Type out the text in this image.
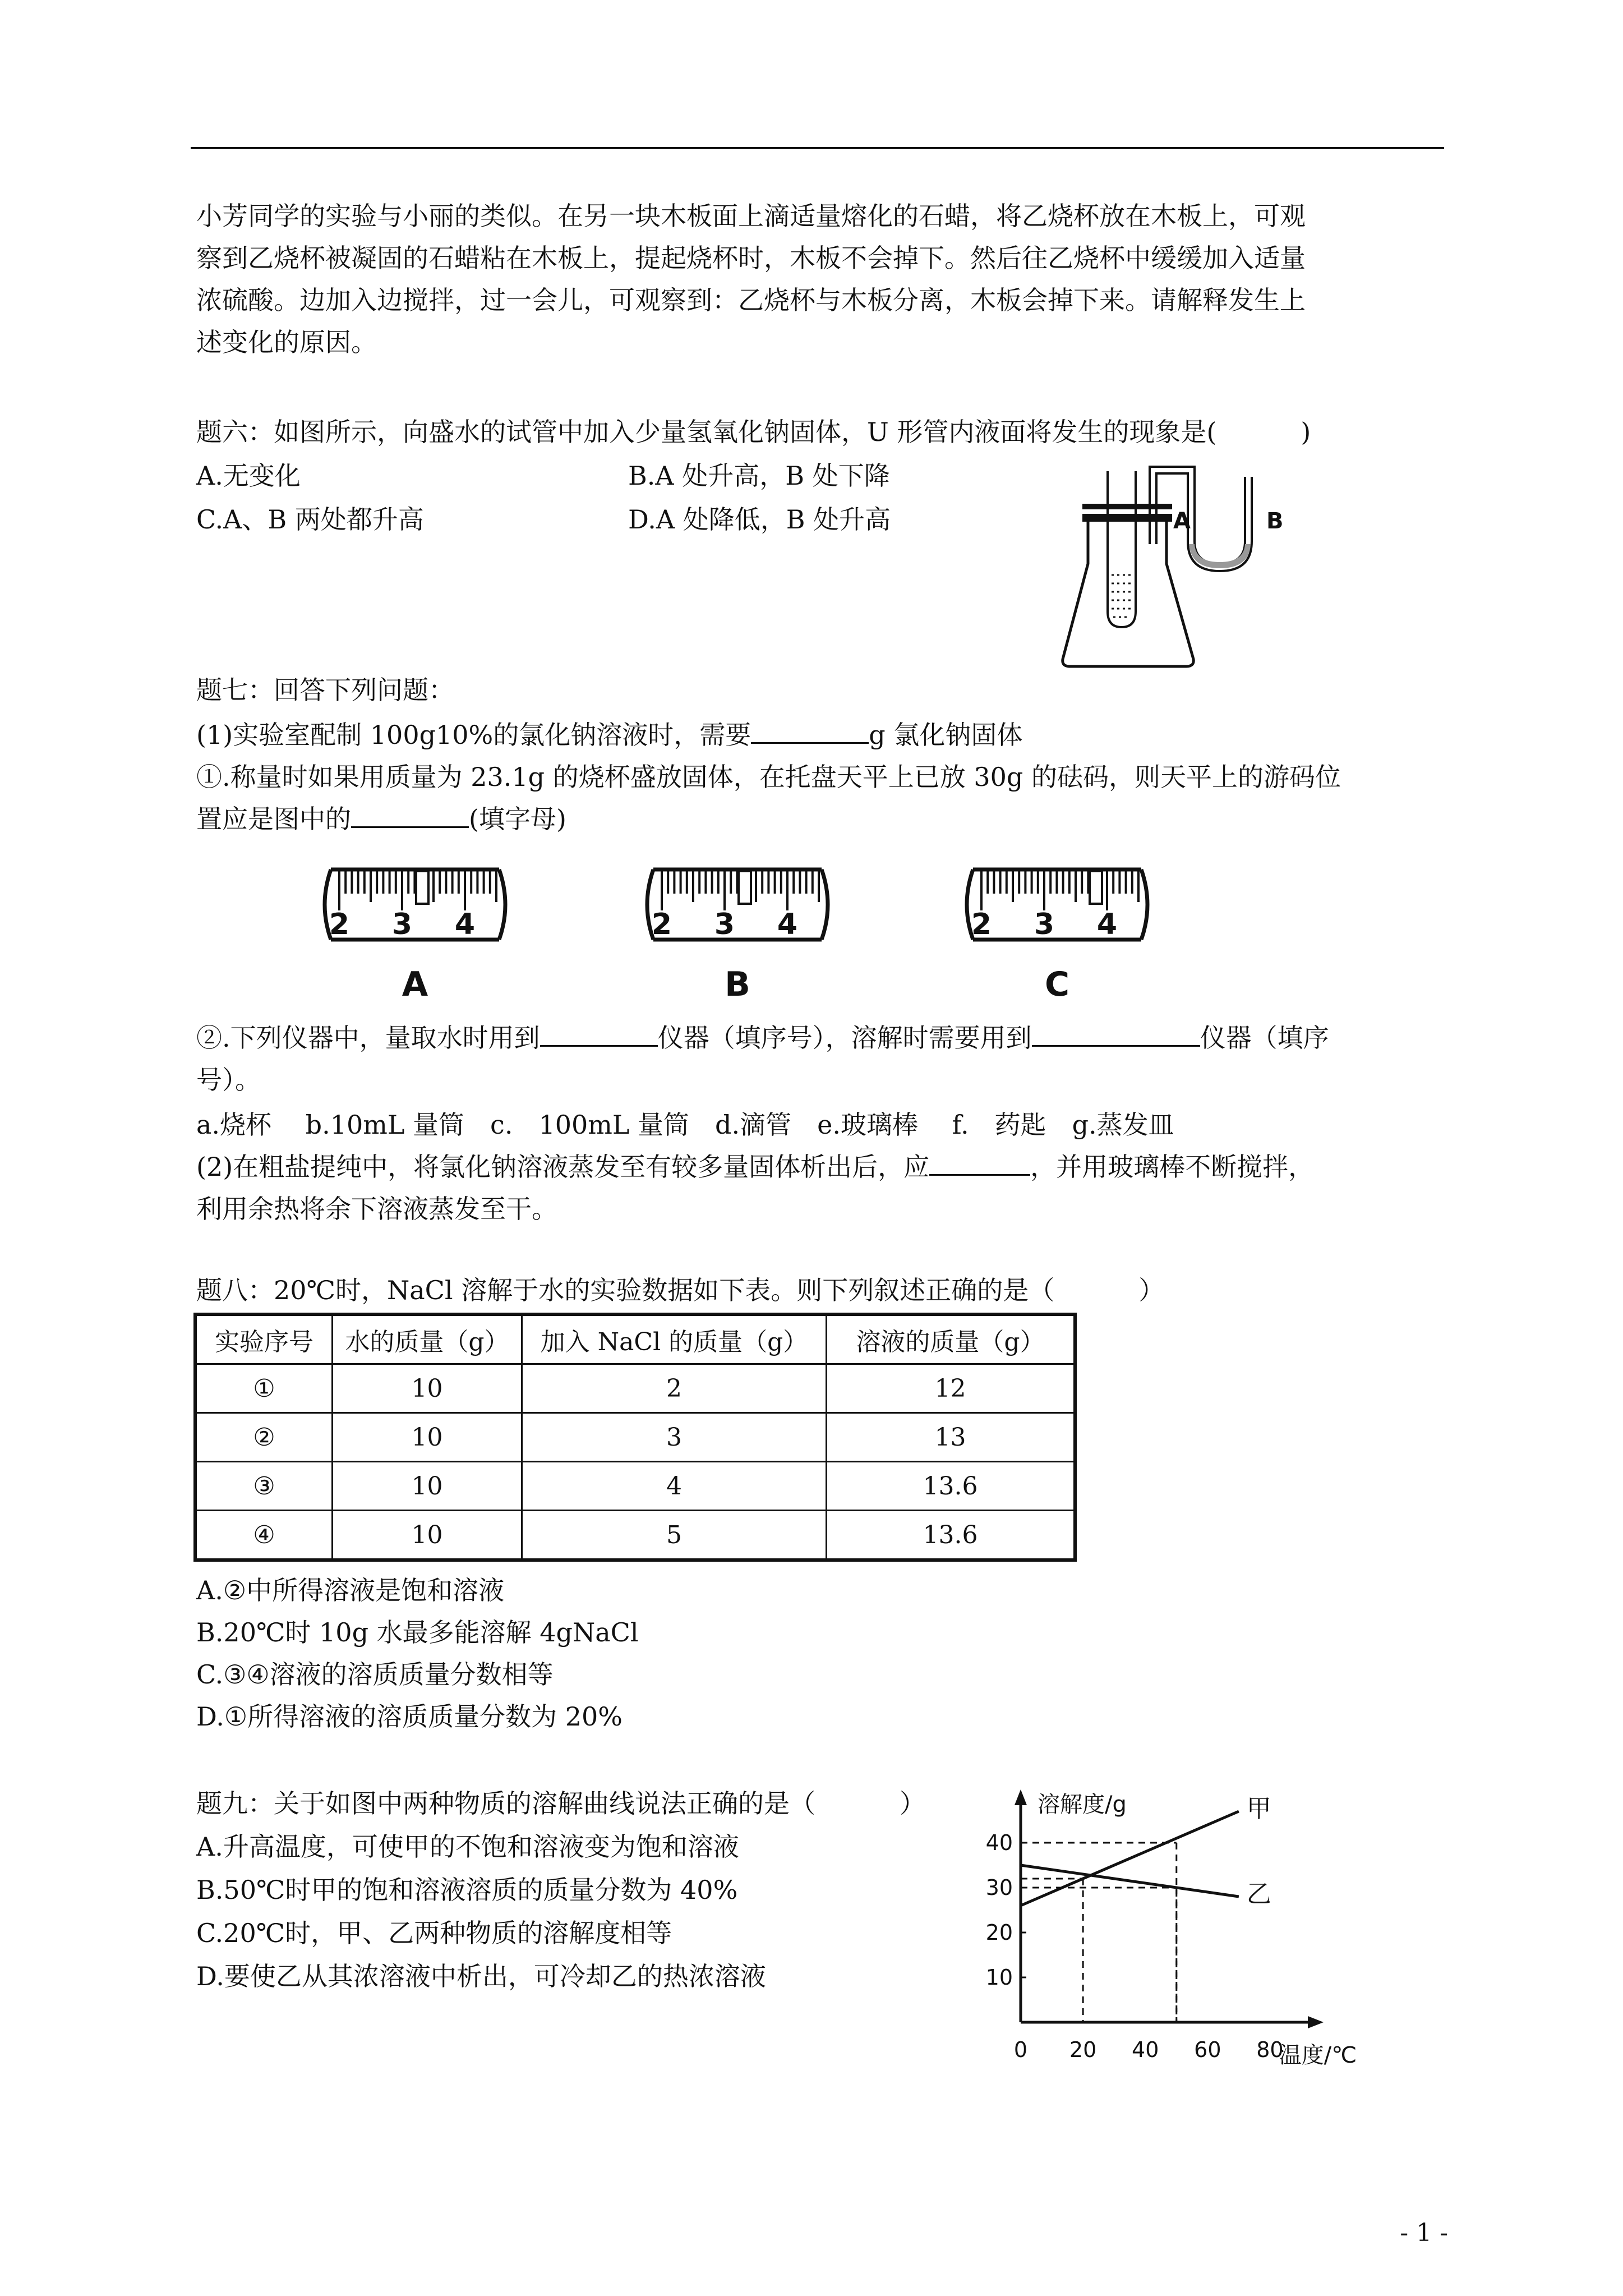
小芳同学的实验与小丽的类似。在另一块木板面上滴适量熔化的石蜡，将乙烧杯放在木板上，可观
察到乙烧杯被凝固的石蜡粘在木板上，提起烧杯时，木板不会掉下。然后往乙烧杯中缓缓加入适量
浓硫酸。边加入边搅拌，过一会儿，可观察到：乙烧杯与木板分离，木板会掉下来。请解释发生上
述变化的原因。
题六：如图所示，向盛水的试管中加入少量氢氧化钠固体，U 形管内液面将发生的现象是(	)
A.无变化	B.A 处升高，B 处下降
C.A、B 两处都升高	D.A 处降低，B 处升高	A	B
题七：回答下列问题：
(1)实验室配制 100g10%的氯化钠溶液时，需要	g 氯化钠固体
①.称量时如果用质量为 23.1g 的烧杯盛放固体，在托盘天平上已放 30g 的砝码，则天平上的游码位
置应是图中的	(填字母)
2 3 4
A
2 3 4
B
2 3 4
C
②.下列仪器中，量取水时用到	仪器（填序号），溶解时需要用到	仪器（填序
号）。
a.烧杯　 b.10mL 量筒　c.　100mL 量筒　d.滴管　e.玻璃棒　 f.　药匙　g.蒸发皿
(2)在粗盐提纯中，将氯化钠溶液蒸发至有较多量固体析出后，应	，并用玻璃棒不断搅拌，
利用余热将余下溶液蒸发至干。
题八：20℃时，NaCl 溶解于水的实验数据如下表。则下列叙述正确的是（	）
实验序号	水的质量（g）	加入 NaCl 的质量（g）	溶液的质量（g）
①	10	2	12
②	10	3	13
③	10	4	13.6
④	10	5	13.6
A.②中所得溶液是饱和溶液
B.20℃时 10g 水最多能溶解 4gNaCl
C.③④溶液的溶质质量分数相等
D.①所得溶液的溶质质量分数为 20%
题九：关于如图中两种物质的溶解曲线说法正确的是（	）
A.升高温度，可使甲的不饱和溶液变为饱和溶液
B.50℃时甲的饱和溶液溶质的质量分数为 40%
C.20℃时，甲、乙两种物质的溶解度相等
D.要使乙从其浓溶液中析出，可冷却乙的热浓溶液
溶解度/g
温度/℃
0 20 40 60 80
10
20
30
40
甲
乙
- 1 -
